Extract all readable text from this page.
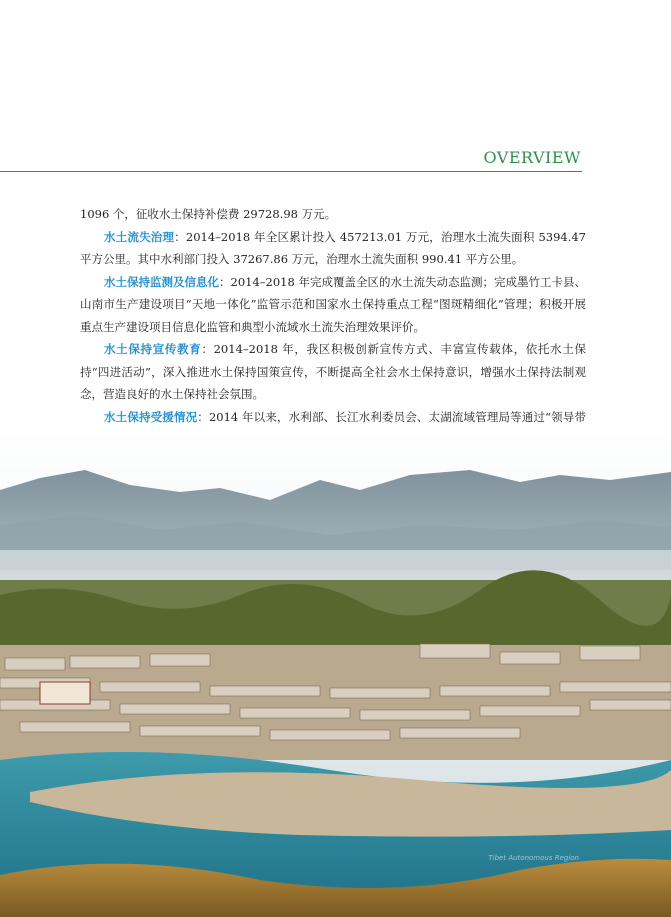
OVERVIEW

1096 个，征收水土保持补偿费 29728.98 万元。

水土流失治理：2014–2018 年全区累计投入 457213.01 万元，治理水土流失面积 5394.47 平方公里。其中水利部门投入 37267.86 万元，治理水土流失面积 990.41 平方公里。

水土保持监测及信息化：2014–2018 年完成覆盖全区的水土流失动态监测；完成墨竹工卡县、山南市生产建设项目“天地一体化”监管示范和国家水土保持重点工程“图斑精细化”管理；积极开展重点生产建设项目信息化监管和典型小流域水土流失治理效果评价。

水土保持宣传教育：2014–2018 年，我区积极创新宣传方式、丰富宣传载体，依托水土保持“四进活动”，深入推进水土保持国策宣传，不断提高全社会水土保持意识，增强水土保持法制观念，营造良好的水土保持社会氛围。

水土保持受援情况：2014 年以来，水利部、长江水利委员会、太湖流域管理局等通过“领导带

Tibet Autonomous Region
